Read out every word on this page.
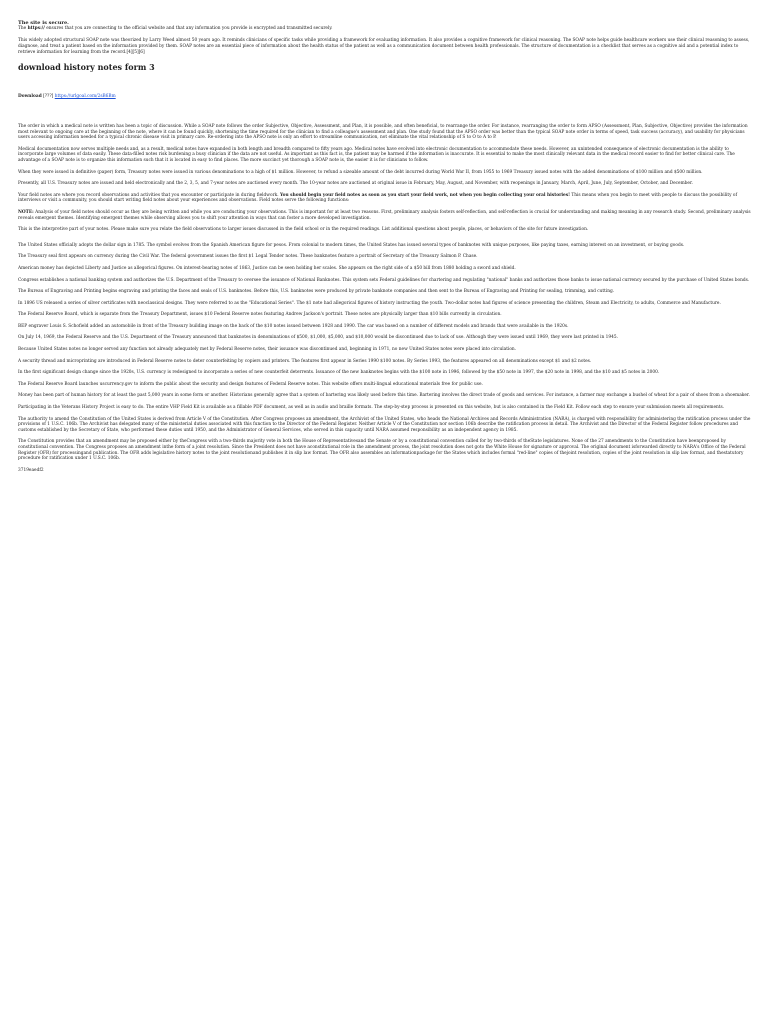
The site is secure.

The https:// ensures that you are connecting to the official website and that any information you provide is encrypted and transmitted securely.

This widely adopted structural SOAP note was theorized by Larry Weed almost 50 years ago. It reminds clinicians of specific tasks while providing a framework for evaluating information. It also provides a cognitive framework for clinical reasoning. The SOAP note helps guide healthcare workers use their clinical reasoning to assess, diagnose, and treat a patient based on the information provided by them. SOAP notes are an essential piece of information about the health status of the patient as well as a communication document between health professionals. The structure of documentation is a checklist that serves as a cognitive aid and a potential index to retrieve information for learning from the record.[4][5][6]

download history notes form 3

Download [???] https://urlgoal.com/2sB6Bm

The order in which a medical note is written has been a topic of discussion. While a SOAP note follows the order Subjective, Objective, Assessment, and Plan, it is possible, and often beneficial, to rearrange the order. For instance, rearranging the order to form APSO (Assessment, Plan, Subjective, Objective) provides the information most relevant to ongoing care at the beginning of the note, where it can be found quickly, shortening the time required for the clinician to find a colleague's assessment and plan. One study found that the APSO order was better than the typical SOAP note order in terms of speed, task success (accuracy), and usability for physicians users accessing information needed for a typical chronic disease visit in primary care. Re-ordering into the APSO note is only an effort to streamline communication, not eliminate the vital relationship of S to O to A to P.

Medical documentation now serves multiple needs and, as a result, medical notes have expanded in both length and breadth compared to fifty years ago. Medical notes have evolved into electronic documentation to accommodate these needs. However, an unintended consequence of electronic documentation is the ability to incorporate large volumes of data easily. These data-filled notes risk burdening a busy clinician if the data are not useful. As important as this fact is, the patient may be harmed if the information is inaccurate. It is essential to make the most clinically relevant data in the medical record easier to find for better clinical care. The advantage of a SOAP note is to organize this information such that it is located in easy to find places. The more succinct yet thorough a SOAP note is, the easier it is for clinicians to follow.

When they were issued in definitive (paper) form, Treasury notes were issued in various denominations to a high of $1 million. However, to refund a sizeable amount of the debt incurred during World War II, from 1955 to 1969 Treasury issued notes with the added denominations of $100 million and $500 million.

Presently, all U.S. Treasury notes are issued and held electronically and the 2, 3, 5, and 7-year notes are auctioned every month. The 10-year notes are auctioned at original issue in February, May, August, and November, with reopenings in January, March, April, June, July, September, October, and December.

Your field notes are where you record observations and activities that you encounter or participate in during fieldwork. You should begin your field notes as soon as you start your field work, not when you begin collecting your oral histories! This means when you begin to meet with people to discuss the possibility of interviews or visit a community, you should start writing field notes about your experiences and observations. Field notes serve the following functions:

NOTE: Analysis of your field notes should occur as they are being written and while you are conducting your observations. This is important for at least two reasons. First, preliminary analysis fosters self-reflection, and self-reflection is crucial for understanding and making meaning in any research study. Second, preliminary analysis reveals emergent themes. Identifying emergent themes while observing allows you to shift your attention in ways that can foster a more developed investigation.

This is the interpretive part of your notes. Please make sure you relate the field observations to larger issues discussed in the field school or in the required readings. List additional questions about people, places, or behaviors of the site for future investigation.

The United States officially adopts the dollar sign in 1785. The symbol evolves from the Spanish American figure for pesos. From colonial to modern times, the United States has issued several types of banknotes with unique purposes, like paying taxes, earning interest on an investment, or buying goods.

The Treasury seal first appears on currency during the Civil War. The federal government issues the first $1 Legal Tender notes. These banknotes feature a portrait of Secretary of the Treasury Salmon P. Chase.

American money has depicted Liberty and Justice as allegorical figures. On interest-bearing notes of 1863, Justice can be seen holding her scales. She appears on the right side of a $50 bill from 1880 holding a sword and shield.

Congress establishes a national banking system and authorizes the U.S. Department of the Treasury to oversee the issuance of National Banknotes. This system sets Federal guidelines for chartering and regulating "national" banks and authorizes those banks to issue national currency secured by the purchase of United States bonds.

The Bureau of Engraving and Printing begins engraving and printing the faces and seals of U.S. banknotes. Before this, U.S. banknotes were produced by private banknote companies and then sent to the Bureau of Engraving and Printing for sealing, trimming, and cutting.

In 1896 US released a series of silver certificates with neoclassical designs. They were referred to as the "Educational Series". The $1 note had allegorical figures of history instructing the youth. Two-dollar notes had figures of science presenting the children, Steam and Electricity, to adults, Commerce and Manufacture.

The Federal Reserve Board, which is separate from the Treasury Department, issues $10 Federal Reserve notes featuring Andrew Jackson's portrait. These notes are physically larger than $10 bills currently in circulation.

BEP engraver Louis S. Schofield added an automobile in front of the Treasury building image on the back of the $10 notes issued between 1928 and 1990. The car was based on a number of different models and brands that were available in the 1920s.

On July 14, 1969, the Federal Reserve and the U.S. Department of the Treasury announced that banknotes in denominations of $500, $1,000, $5,000, and $10,000 would be discontinued due to lack of use. Although they were issued until 1969, they were last printed in 1945.

Because United States notes no longer served any function not already adequately met by Federal Reserve notes, their issuance was discontinued and, beginning in 1971, no new United States notes were placed into circulation.

A security thread and microprinting are introduced in Federal Reserve notes to deter counterfeiting by copiers and printers. The features first appear in Series 1990 $100 notes. By Series 1993, the features appeared on all denominations except $1 and $2 notes.

In the first significant design change since the 1920s, U.S. currency is redesigned to incorporate a series of new counterfeit deterrents. Issuance of the new banknotes begins with the $100 note in 1996, followed by the $50 note in 1997, the $20 note in 1998, and the $10 and $5 notes in 2000.

The Federal Reserve Board launches uscurrency.gov to inform the public about the security and design features of Federal Reserve notes. This website offers multi-lingual educational materials free for public use.

Money has been part of human history for at least the past 5,000 years in some form or another. Historians generally agree that a system of bartering was likely used before this time. Bartering involves the direct trade of goods and services. For instance, a farmer may exchange a bushel of wheat for a pair of shoes from a shoemaker.

Participating in the Veterans History Project is easy to do. The entire VHP Field Kit is available as a fillable PDF document, as well as in audio and braille formats. The step-by-step process is presented on this website, but is also contained in the Field Kit. Follow each step to ensure your submission meets all requirements.

The authority to amend the Constitution of the United States is derived from Article V of the Constitution. After Congress proposes an amendment, the Archivist of the United States, who heads the National Archives and Records Administration (NARA), is charged with responsibility for administering the ratification process under the provisions of 1 U.S.C. 106b. The Archivist has delegated many of the ministerial duties associated with this function to the Director of the Federal Register. Neither Article V of the Constitution nor section 106b describe the ratification process in detail. The Archivist and the Director of the Federal Register follow procedures and customs established by the Secretary of State, who performed these duties until 1950, and the Administrator of General Services, who served in this capacity until NARA assumed responsibility as an independent agency in 1985.

The Constitution provides that an amendment may be proposed either by theCongress with a two-thirds majority vote in both the House of Representativesand the Senate or by a constitutional convention called for by two-thirds of theState legislatures. None of the 27 amendments to the Constitution have beenproposed by constitutional convention. The Congress proposes an amendment inthe form of a joint resolution. Since the President does not have aconstitutional role in the amendment process, the joint resolution does not goto the White House for signature or approval. The original document isforwarded directly to NARA's Office of the Federal Register (OFR) for processingand publication. The OFR adds legislative history notes to the joint resolutionand publishes it in slip law format. The OFR also assembles an informationpackage for the States which includes formal "red-line" copies of thejoint resolution, copies of the joint resolution in slip law format, and thestatutory procedure for ratification under 1 U.S.C. 106b.

3719eaedf2
